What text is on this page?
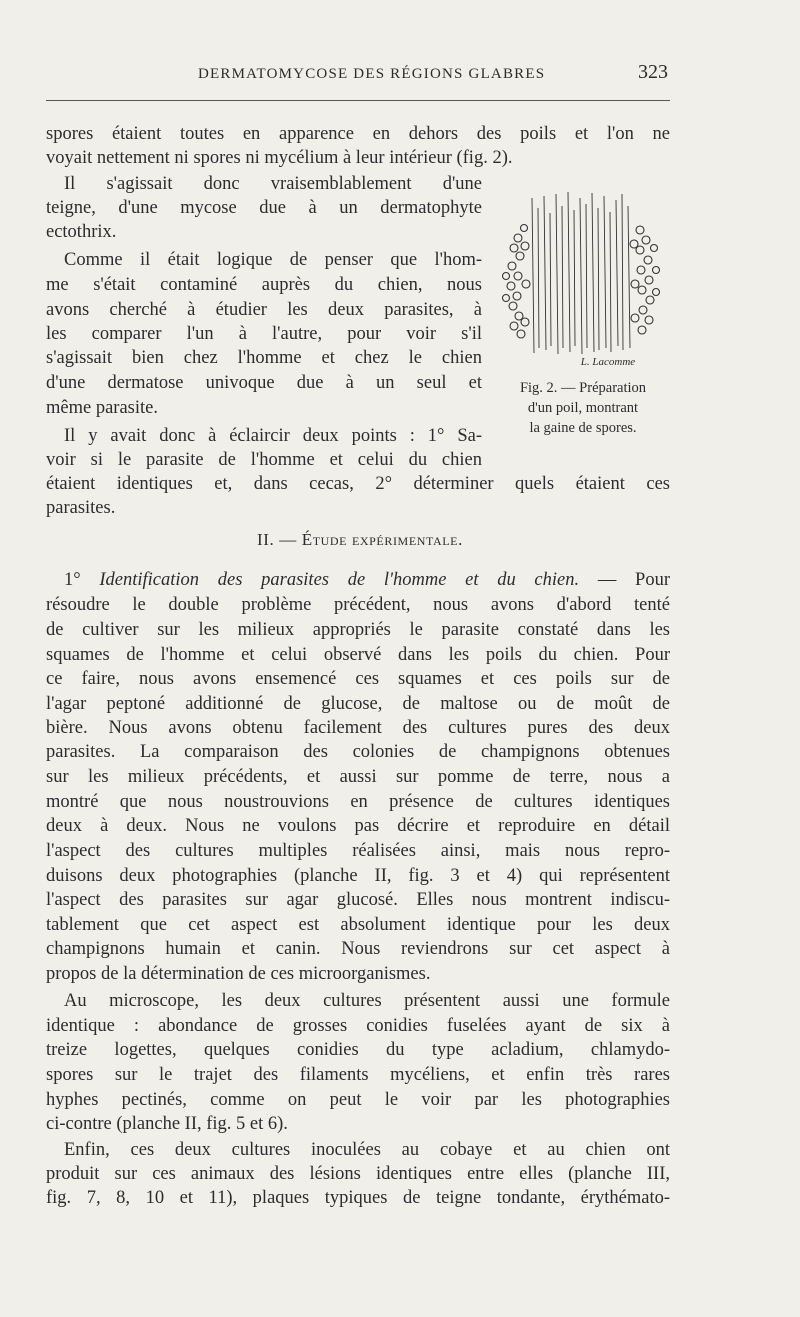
DERMATOMYCOSE DES RÉGIONS GLABRES	323
spores étaient toutes en apparence en dehors des poils et l'on ne
voyait nettement ni spores ni mycélium à leur intérieur (fig. 2).
Il s'agissait donc vraisemblablement d'une
teigne, d'une mycose due à un dermatophyte
ectothrix.
Comme il était logique de penser que l'hom-
me s'était contaminé auprès du chien, nous
avons cherché à étudier les deux parasites, à
les comparer l'un à l'autre, pour voir s'il
s'agissait bien chez l'homme et chez le chien
d'une dermatose univoque due à un seul et
même parasite.
Il y avait donc à éclaircir deux points : 1° Sa-
voir si le parasite de l'homme et celui du chien
étaient identiques et, dans cecas, 2° déterminer quels étaient ces
parasites.
L. Lacomme
Fig. 2. — Préparation
d'un poil, montrant
la gaine de spores.
II. — Étude expérimentale.
1° Identification des parasites de l'homme et du chien. — Pour
résoudre le double problème précédent, nous avons d'abord tenté
de cultiver sur les milieux appropriés le parasite constaté dans les
squames de l'homme et celui observé dans les poils du chien. Pour
ce faire, nous avons ensemencé ces squames et ces poils sur de
l'agar peptoné additionné de glucose, de maltose ou de moût de
bière. Nous avons obtenu facilement des cultures pures des deux
parasites. La comparaison des colonies de champignons obtenues
sur les milieux précédents, et aussi sur pomme de terre, nous a
montré que nous noustrouvions en présence de cultures identiques
deux à deux. Nous ne voulons pas décrire et reproduire en détail
l'aspect des cultures multiples réalisées ainsi, mais nous repro-
duisons deux photographies (planche II, fig. 3 et 4) qui représentent
l'aspect des parasites sur agar glucosé. Elles nous montrent indiscu-
tablement que cet aspect est absolument identique pour les deux
champignons humain et canin. Nous reviendrons sur cet aspect à
propos de la détermination de ces microorganismes.
Au microscope, les deux cultures présentent aussi une formule
identique : abondance de grosses conidies fuselées ayant de six à
treize logettes, quelques conidies du type acladium, chlamydo-
spores sur le trajet des filaments mycéliens, et enfin très rares
hyphes pectinés, comme on peut le voir par les photographies
ci-contre (planche II, fig. 5 et 6).
Enfin, ces deux cultures inoculées au cobaye et au chien ont
produit sur ces animaux des lésions identiques entre elles (planche III,
fig. 7, 8, 10 et 11), plaques typiques de teigne tondante, érythémato-
